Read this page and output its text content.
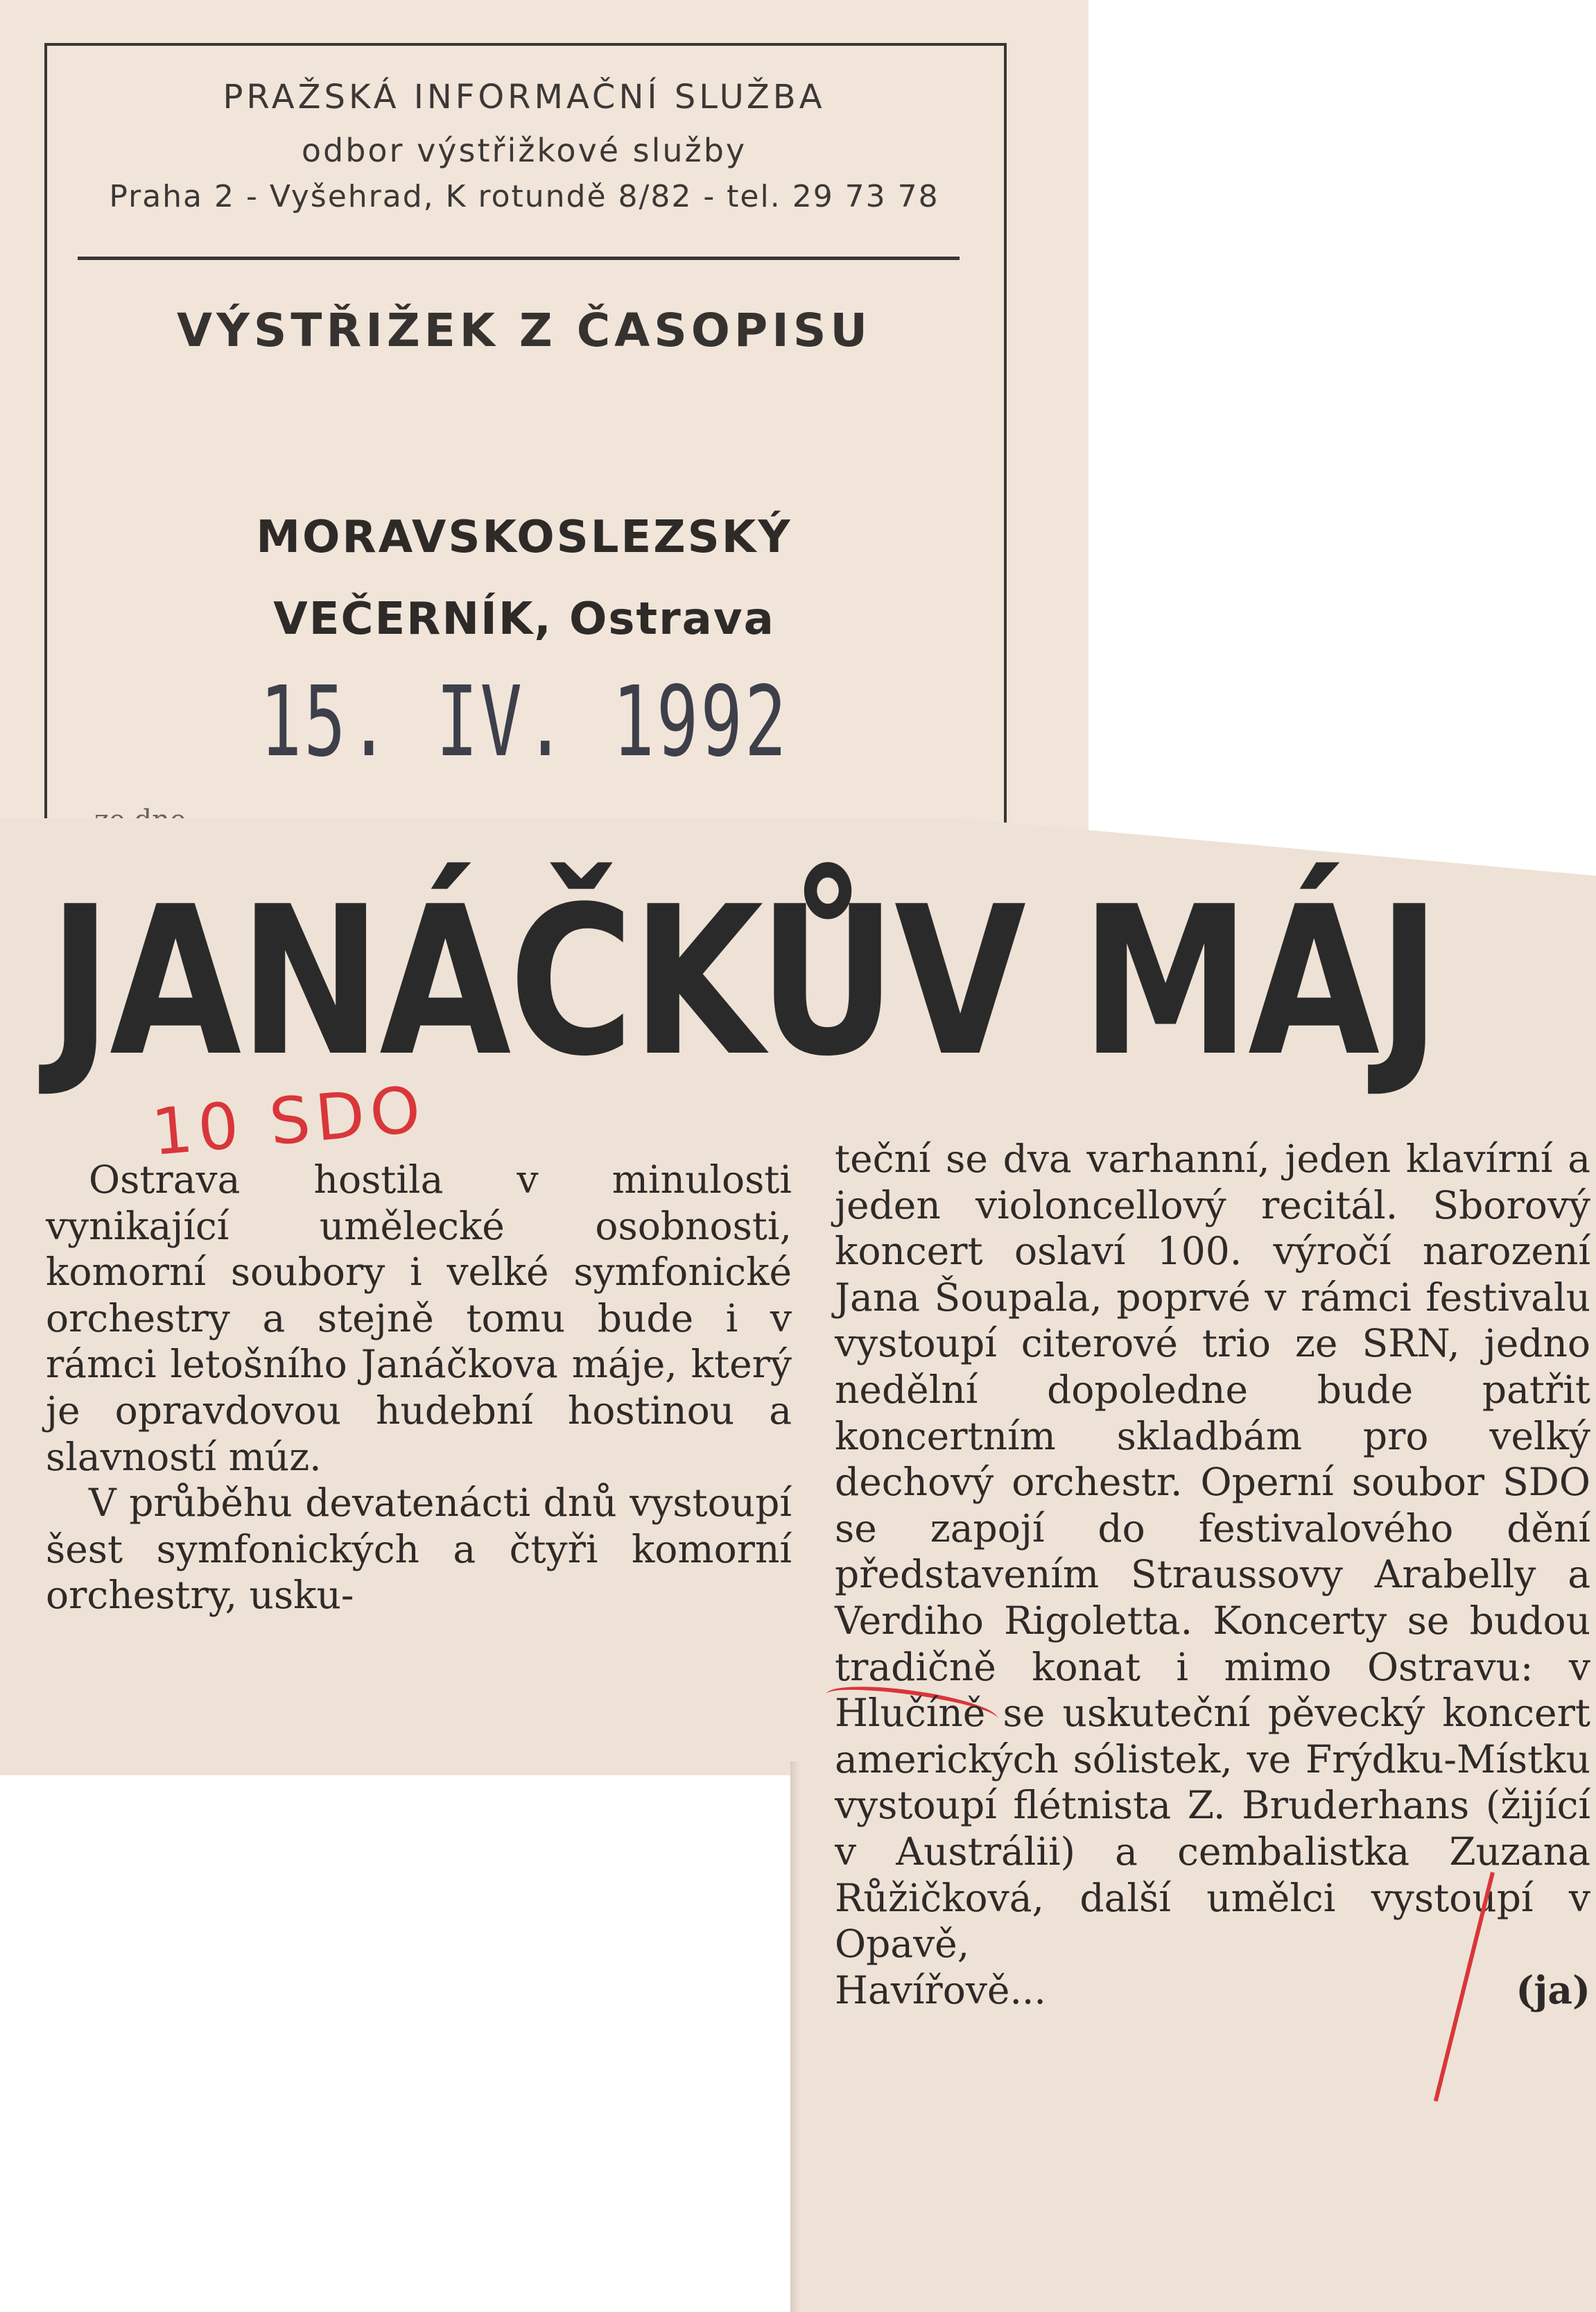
PRAŽSKÁ INFORMAČNÍ SLUŽBA
odbor výstřižkové služby
Praha 2 - Vyšehrad, K rotundě 8/82 - tel. 29 73 78
VÝSTŘIŽEK Z ČASOPISU
MORAVSKOSLEZSKÝ
VEČERNÍK, Ostrava
15. IV. 1992
JANÁČKŮV MÁJ
10 SDO

Ostrava hostila v minulosti vynikající umělecké osobnosti, komorní soubory i velké symfonické orchestry a stejně tomu bude i v rámci letošního Janáčkova máje, který je opravdovou hudební hostinou a slavností múz.

V průběhu devatenácti dnů vystoupí šest symfonických a čtyři komorní orchestry, usku-

teční se dva varhanní, jeden klavírní a jeden violoncellový recitál. Sborový koncert oslaví 100. výročí narození Jana Šoupala, poprvé v rámci festivalu vystoupí citerové trio ze SRN, jedno nedělní dopoledne bude patřit koncertním skladbám pro velký dechový orchestr. Operní soubor SDO se zapojí do festivalového dění představením Straussovy Arabelly a Verdiho Rigoletta. Koncerty se budou tradičně konat i mimo Ostravu: v Hlučíně se uskuteční pěvecký koncert amerických sólistek, ve Frýdku-Místku vystoupí flétnista Z. Bruderhans (žijící v Austrálii) a cembalistka Zuzana Růžičková, další umělci vystoupí v Opavě,

Havířově...	(ja)
